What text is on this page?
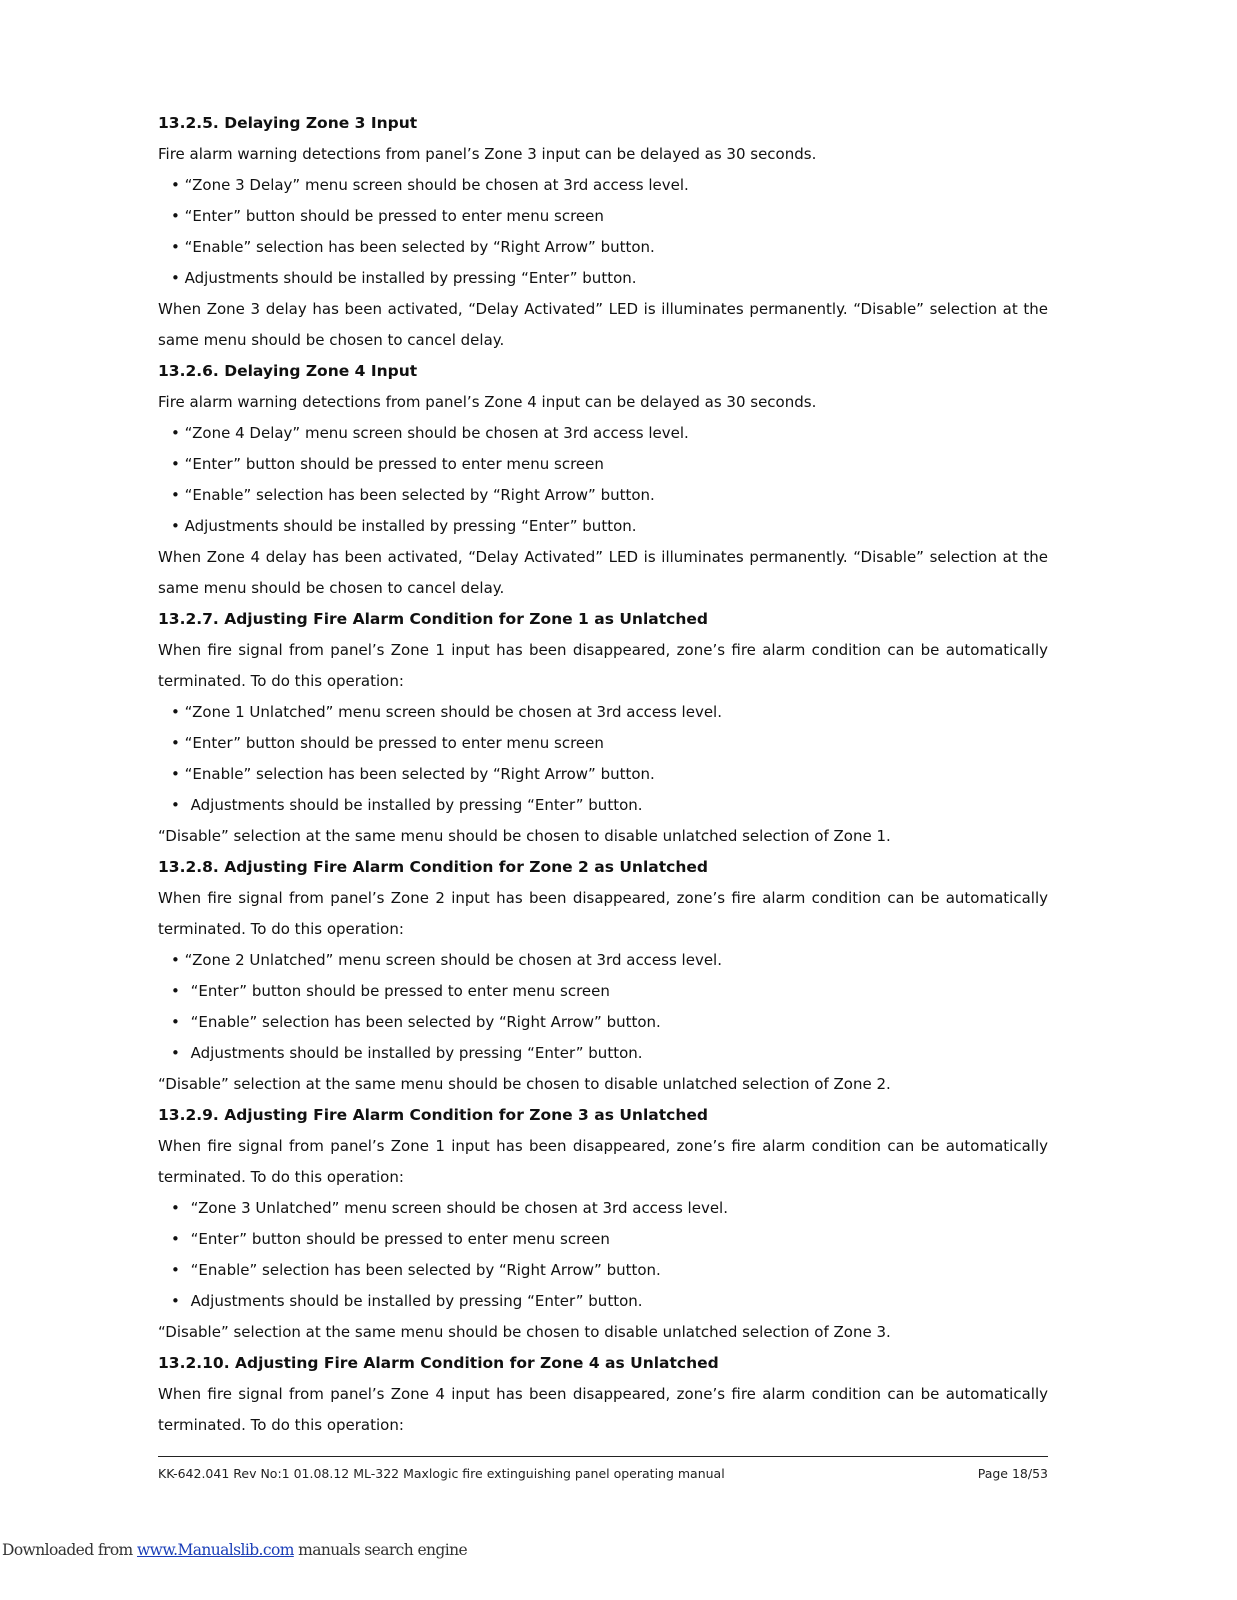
13.2.5. Delaying Zone 3 Input

Fire alarm warning detections from panel’s Zone 3 input can be delayed as 30 seconds.

• “Zone 3 Delay” menu screen should be chosen at 3rd access level.
• “Enter” button should be pressed to enter menu screen
• “Enable” selection has been selected by “Right Arrow” button.
• Adjustments should be installed by pressing “Enter” button.

When Zone 3 delay has been activated, “Delay Activated” LED is illuminates permanently. “Disable” selection at the same menu should be chosen to cancel delay.

13.2.6. Delaying Zone 4 Input

Fire alarm warning detections from panel’s Zone 4 input can be delayed as 30 seconds.

• “Zone 4 Delay” menu screen should be chosen at 3rd access level.
• “Enter” button should be pressed to enter menu screen
• “Enable” selection has been selected by “Right Arrow” button.
• Adjustments should be installed by pressing “Enter” button.

When Zone 4 delay has been activated, “Delay Activated” LED is illuminates permanently. “Disable” selection at the same menu should be chosen to cancel delay.

13.2.7. Adjusting Fire Alarm Condition for Zone 1 as Unlatched

When fire signal from panel’s Zone 1 input has been disappeared, zone’s fire alarm condition can be automatically terminated. To do this operation:

• “Zone 1 Unlatched” menu screen should be chosen at 3rd access level.
• “Enter” button should be pressed to enter menu screen
• “Enable” selection has been selected by “Right Arrow” button.
• Adjustments should be installed by pressing “Enter” button.

“Disable” selection at the same menu should be chosen to disable unlatched selection of Zone 1.

13.2.8. Adjusting Fire Alarm Condition for Zone 2 as Unlatched

When fire signal from panel’s Zone 2 input has been disappeared, zone’s fire alarm condition can be automatically terminated. To do this operation:

• “Zone 2 Unlatched” menu screen should be chosen at 3rd access level.
• “Enter” button should be pressed to enter menu screen
• “Enable” selection has been selected by “Right Arrow” button.
• Adjustments should be installed by pressing “Enter” button.

“Disable” selection at the same menu should be chosen to disable unlatched selection of Zone 2.

13.2.9. Adjusting Fire Alarm Condition for Zone 3 as Unlatched

When fire signal from panel’s Zone 1 input has been disappeared, zone’s fire alarm condition can be automatically terminated. To do this operation:

• “Zone 3 Unlatched” menu screen should be chosen at 3rd access level.
• “Enter” button should be pressed to enter menu screen
• “Enable” selection has been selected by “Right Arrow” button.
• Adjustments should be installed by pressing “Enter” button.

“Disable” selection at the same menu should be chosen to disable unlatched selection of Zone 3.

13.2.10. Adjusting Fire Alarm Condition for Zone 4 as Unlatched

When fire signal from panel’s Zone 4 input has been disappeared, zone’s fire alarm condition can be automatically terminated. To do this operation:

KK-642.041 Rev No:1 01.08.12 ML-322 Maxlogic fire extinguishing panel operating manual	Page 18/53
Downloaded from www.Manualslib.com manuals search engine
